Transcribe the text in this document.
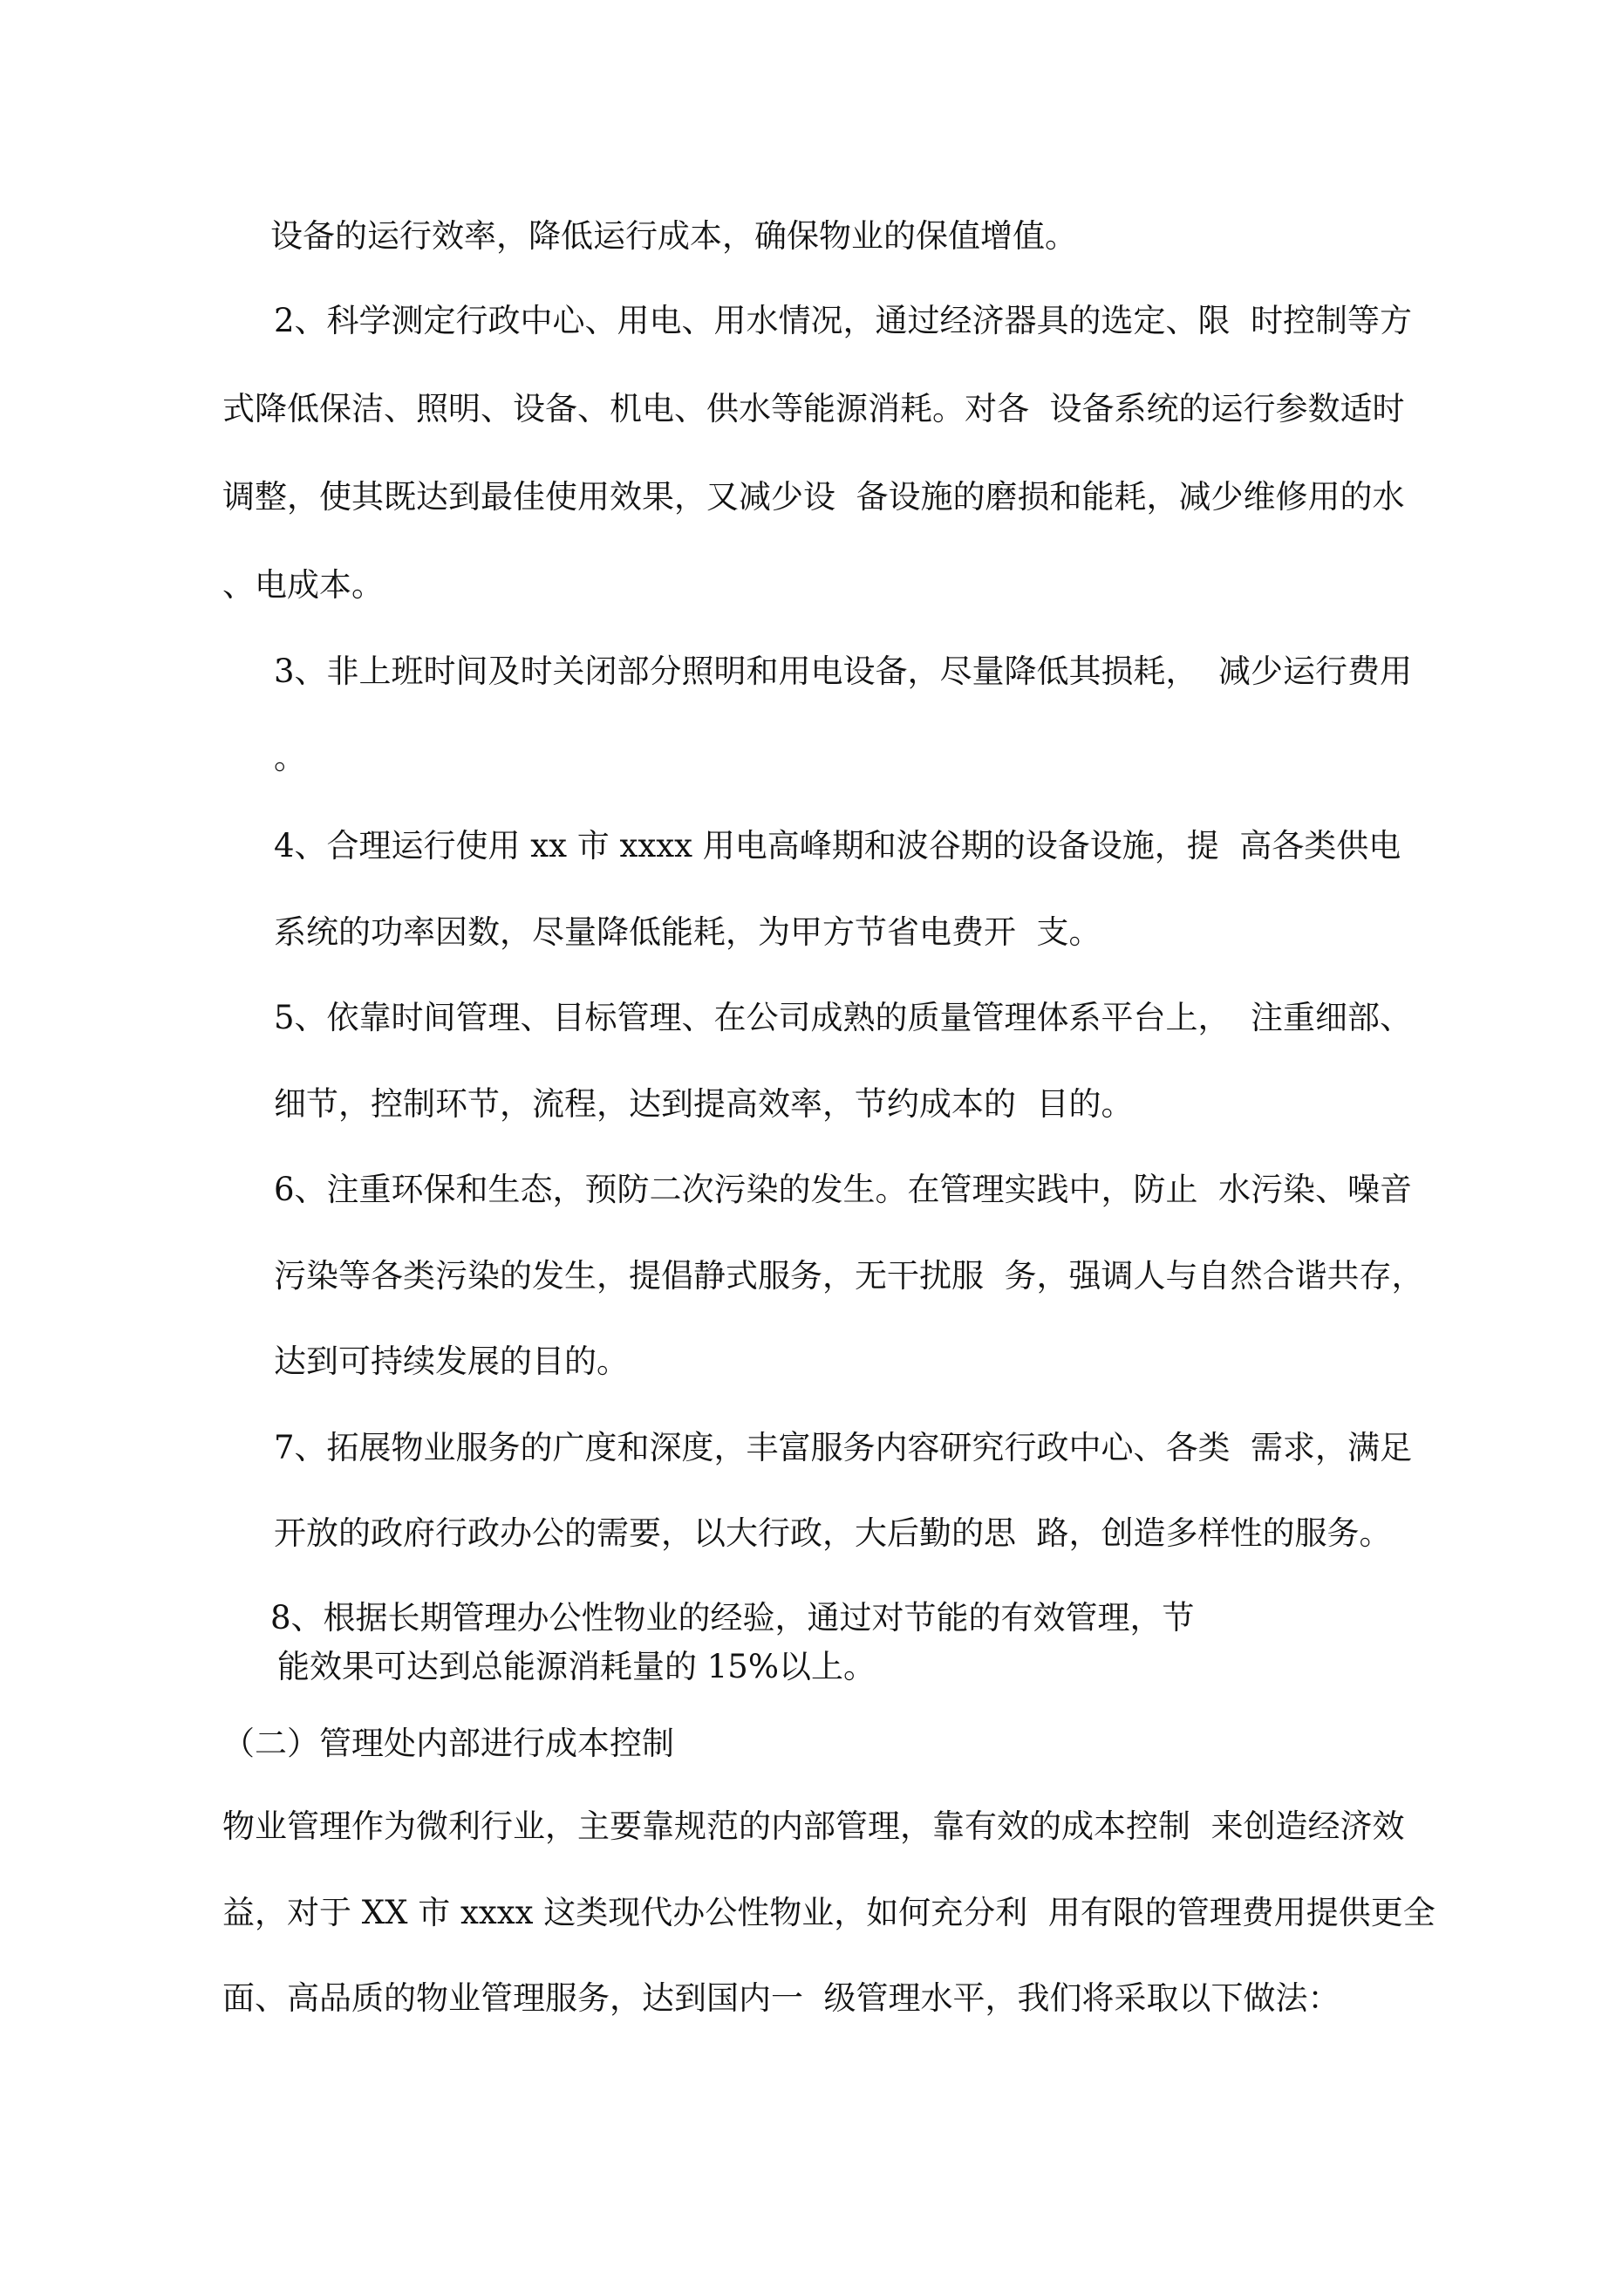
设备的运行效率，降低运行成本，确保物业的保值增值。
2、科学测定行政中心、用电、用水情况，通过经济器具的选定、限  时控制等方
式降低保洁、照明、设备、机电、供水等能源消耗。对各  设备系统的运行参数适时
调整，使其既达到最佳使用效果，又减少设  备设施的磨损和能耗，减少维修用的水
、电成本。
3、非上班时间及时关闭部分照明和用电设备，尽量降低其损耗，  减少运行费用
。
4、合理运行使用 xx 市 xxxx 用电高峰期和波谷期的设备设施，提  高各类供电
系统的功率因数，尽量降低能耗，为甲方节省电费开  支。
5、依靠时间管理、目标管理、在公司成熟的质量管理体系平台上，  注重细部、
细节，控制环节，流程，达到提高效率，节约成本的  目的。
6、注重环保和生态，预防二次污染的发生。在管理实践中，防止  水污染、噪音
污染等各类污染的发生，提倡静式服务，无干扰服  务，强调人与自然合谐共存，
达到可持续发展的目的。
7、拓展物业服务的广度和深度，丰富服务内容研究行政中心、各类  需求，满足
开放的政府行政办公的需要，以大行政，大后勤的思  路，创造多样性的服务。
8、根据长期管理办公性物业的经验，通过对节能的有效管理，节
能效果可达到总能源消耗量的 15%以上。
（二）管理处内部进行成本控制
物业管理作为微利行业，主要靠规范的内部管理，靠有效的成本控制  来创造经济效
益，对于 XX 市 xxxx 这类现代办公性物业，如何充分利  用有限的管理费用提供更全
面、高品质的物业管理服务，达到国内一  级管理水平，我们将采取以下做法：
